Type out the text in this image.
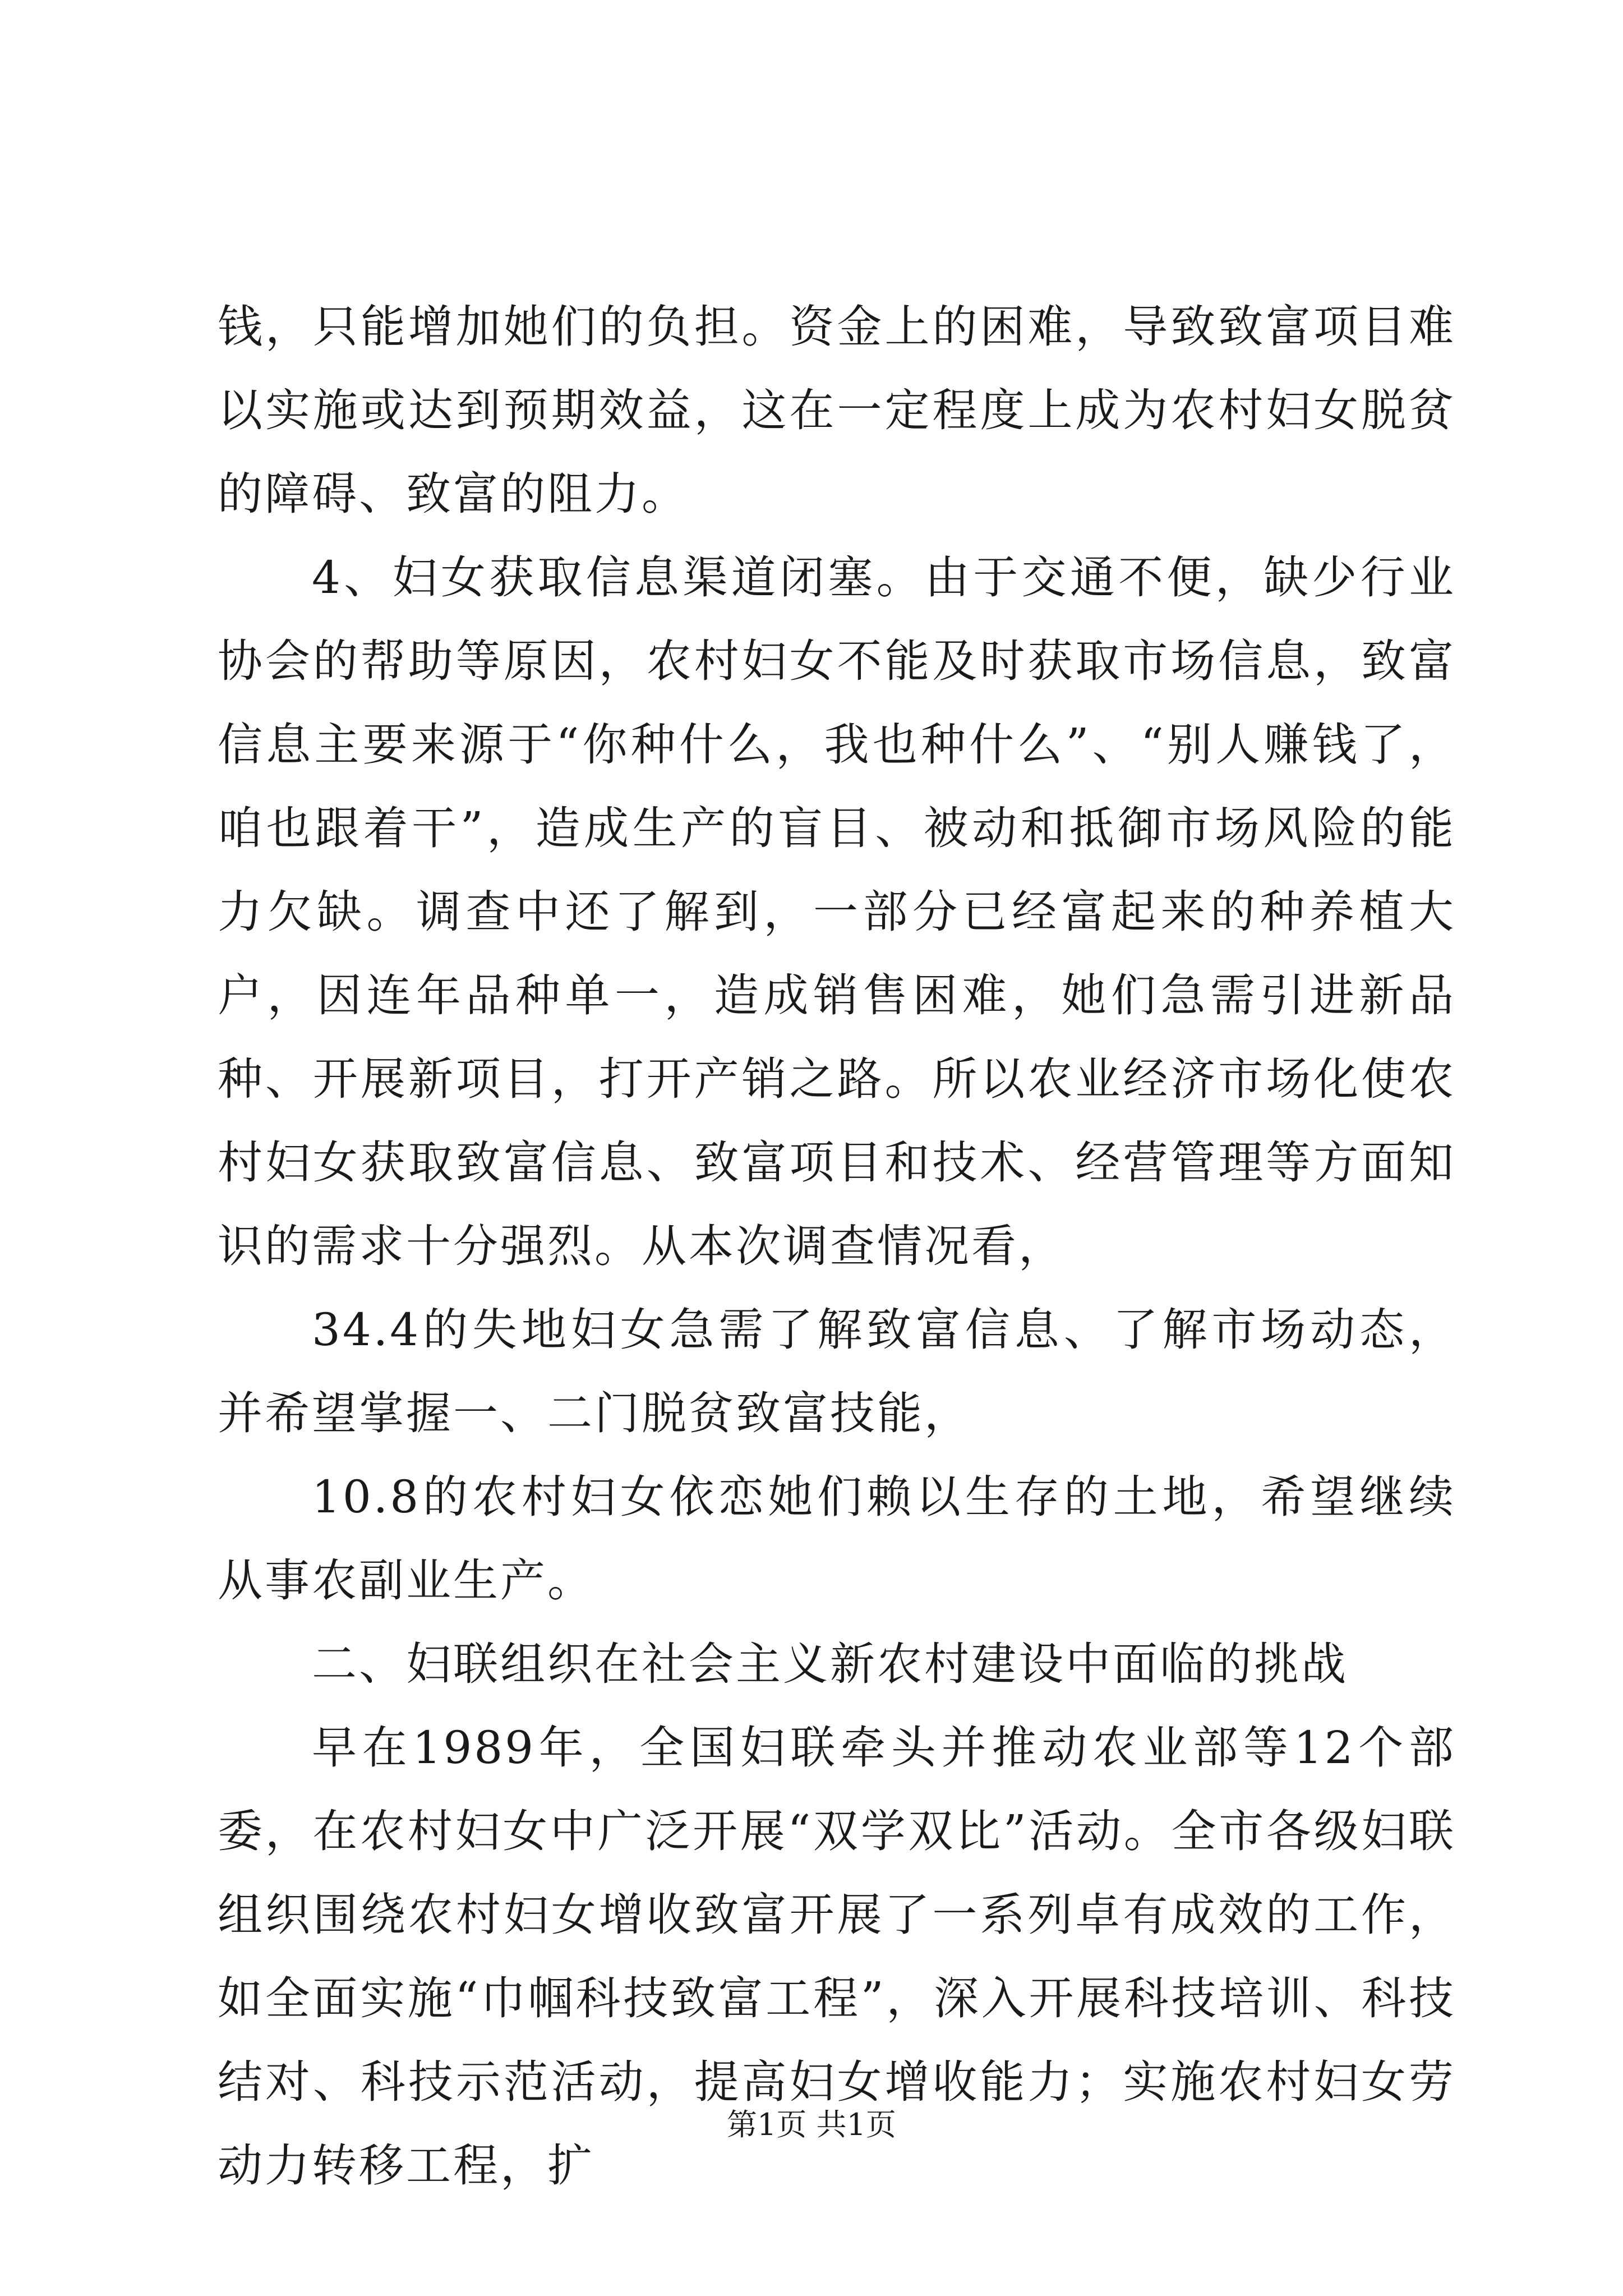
钱，只能增加她们的负担。资金上的困难，导致致富项目难以实施或达到预期效益，这在一定程度上成为农村妇女脱贫的障碍、致富的阻力。

4、妇女获取信息渠道闭塞。由于交通不便，缺少行业协会的帮助等原因，农村妇女不能及时获取市场信息，致富信息主要来源于“你种什么，我也种什么”、“别人赚钱了，咱也跟着干”，造成生产的盲目、被动和抵御市场风险的能力欠缺。调查中还了解到，一部分已经富起来的种养植大户，因连年品种单一，造成销售困难，她们急需引进新品种、开展新项目，打开产销之路。所以农业经济市场化使农村妇女获取致富信息、致富项目和技术、经营管理等方面知识的需求十分强烈。从本次调查情况看，

34.4的失地妇女急需了解致富信息、了解市场动态，并希望掌握一、二门脱贫致富技能，

10.8的农村妇女依恋她们赖以生存的土地，希望继续从事农副业生产。

二、妇联组织在社会主义新农村建设中面临的挑战

早在1989年，全国妇联牵头并推动农业部等12个部委，在农村妇女中广泛开展“双学双比”活动。全市各级妇联组织围绕农村妇女增收致富开展了一系列卓有成效的工作，如全面实施“巾帼科技致富工程”，深入开展科技培训、科技结对、科技示范活动，提高妇女增收能力；实施农村妇女劳动力转移工程，扩

第1页 共1页
